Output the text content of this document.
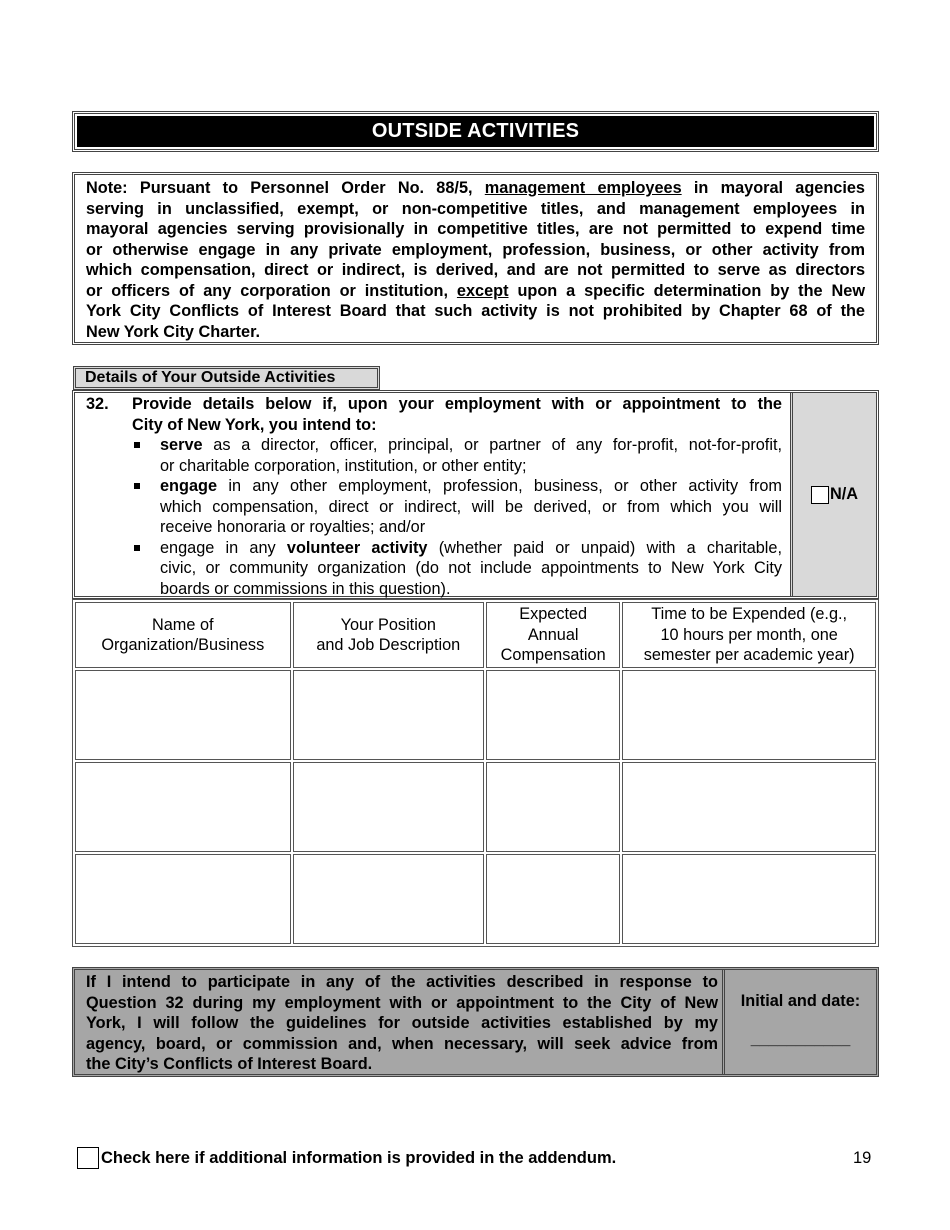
OUTSIDE ACTIVITIES
Note: Pursuant to Personnel Order No. 88/5, management employees in mayoral agencies
serving in unclassified, exempt, or non-competitive titles, and management employees in
mayoral agencies serving provisionally in competitive titles, are not permitted to expend time
or otherwise engage in any private employment, profession, business, or other activity from
which compensation, direct or indirect, is derived, and are not permitted to serve as directors
or officers of any corporation or institution, except upon a specific determination by the New
York City Conflicts of Interest Board that such activity is not prohibited by Chapter 68 of the
New York City Charter.
Details of Your Outside Activities
32. Provide details below if, upon your employment with or appointment to the
City of New York, you intend to:
serve as a director, officer, principal, or partner of any for-profit, not-for-profit,
or charitable corporation, institution, or other entity;
engage in any other employment, profession, business, or other activity from
which compensation, direct or indirect, will be derived, or from which you will
receive honoraria or royalties; and/or
engage in any volunteer activity (whether paid or unpaid) with a charitable,
civic, or community organization (do not include appointments to New York City
boards or commissions in this question).
N/A
Name of
Organization/Business	Your Position
and Job Description	Expected
Annual
Compensation	Time to be Expended (e.g.,
10 hours per month, one
semester per academic year)

If I intend to participate in any of the activities described in response to
Question 32 during my employment with or appointment to the City of New
York, I will follow the guidelines for outside activities established by my
agency, board, or commission and, when necessary, will seek advice from
the City’s Conflicts of Interest Board.
Initial and date:
___________
Check here if additional information is provided in the addendum.	19
